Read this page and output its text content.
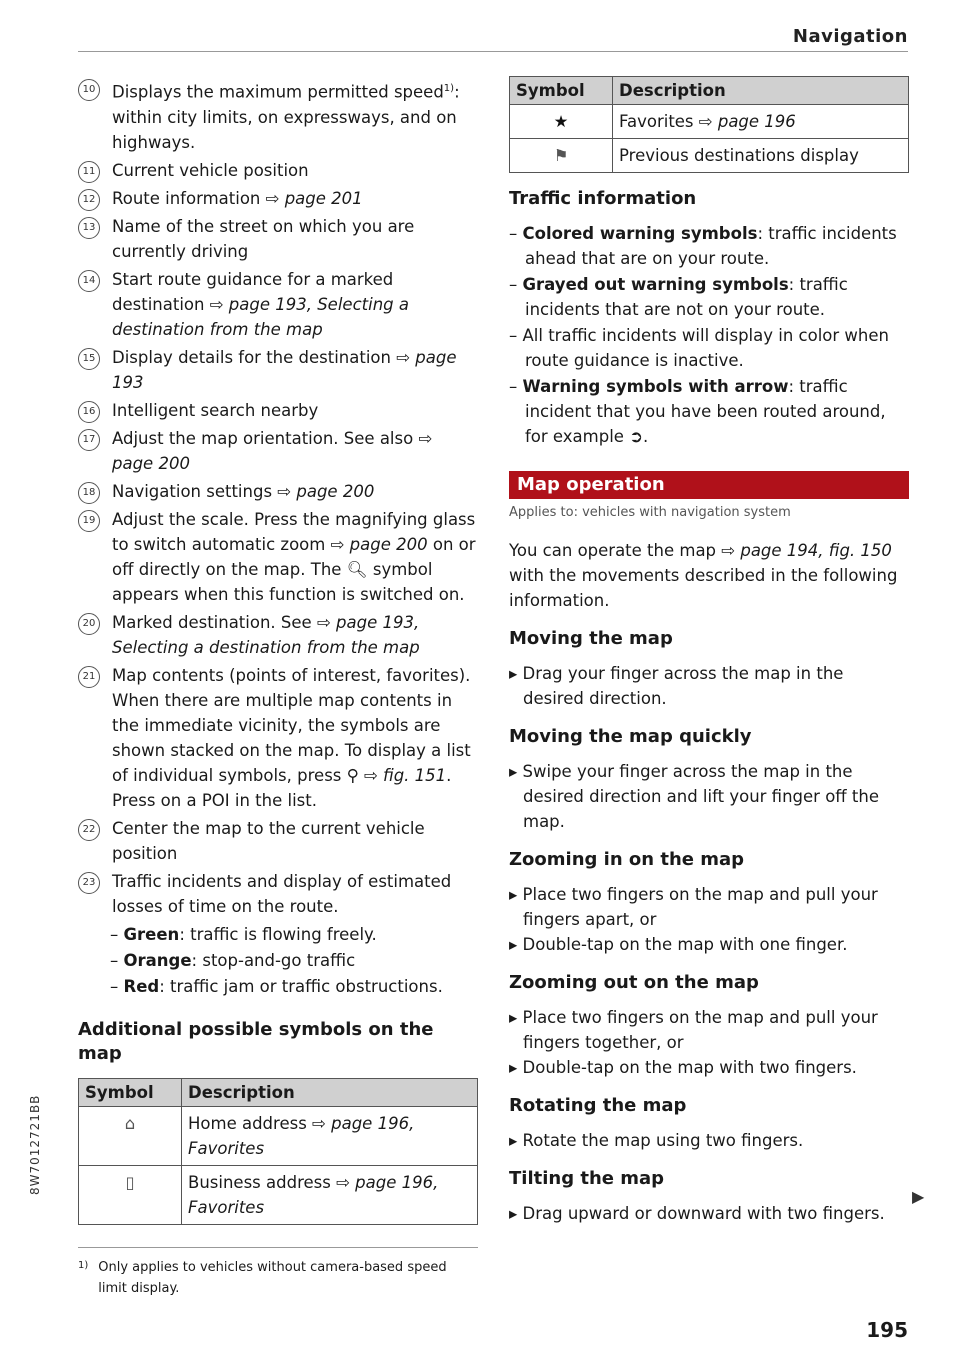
Navigation
10 Displays the maximum permitted speed$^{1)}$: within city limits, on expressways, and on highways.
11 Current vehicle position
12 Route information ⇨ page 201
13 Name of the street on which you are currently driving
14 Start route guidance for a marked destination ⇨ page 193, Selecting a destination from the map
15 Display details for the destination ⇨ page 193
16 Intelligent search nearby
17 Adjust the map orientation. See also ⇨ page 200
18 Navigation settings ⇨ page 200
19 Adjust the scale. Press the magnifying glass to switch automatic zoom ⇨ page 200 on or off directly on the map. The 🔍︎ symbol appears when this function is switched on.
20 Marked destination. See ⇨ page 193, Selecting a destination from the map
21 Map contents (points of interest, favorites). When there are multiple map contents in the immediate vicinity, the symbols are shown stacked on the map. To display a list of individual symbols, press ⚲ ⇨ fig. 151. Press on a POI in the list.
22 Center the map to the current vehicle position
23 Traffic incidents and display of estimated losses of time on the route.
– Green: traffic is flowing freely.
– Orange: stop-and-go traffic
– Red: traffic jam or traffic obstructions.
Additional possible symbols on the map
Symbol	Description
⌂	Home address ⇨ page 196, Favorites
▯	Business address ⇨ page 196, Favorites
Symbol	Description
★	Favorites ⇨ page 196
⚑	Previous destinations display
Traffic information
– Colored warning symbols: traffic incidents ahead that are on your route.
– Grayed out warning symbols: traffic incidents that are not on your route.
– All traffic incidents will display in color when route guidance is inactive.
– Warning symbols with arrow: traffic incident that you have been routed around, for example ➲.
Map operation
Applies to: vehicles with navigation system
You can operate the map ⇨ page 194, fig. 150 with the movements described in the following information.
Moving the map
▸ Drag your finger across the map in the desired direction.
Moving the map quickly
▸ Swipe your finger across the map in the desired direction and lift your finger off the map.
Zooming in on the map
▸ Place two fingers on the map and pull your fingers apart, or
▸ Double-tap on the map with one finger.
Zooming out on the map
▸ Place two fingers on the map and pull your fingers together, or
▸ Double-tap on the map with two fingers.
Rotating the map
▸ Rotate the map using two fingers.
Tilting the map
▸ Drag upward or downward with two fingers.
▶
1) Only applies to vehicles without camera-based speed limit display.
8W7012721BB
195
